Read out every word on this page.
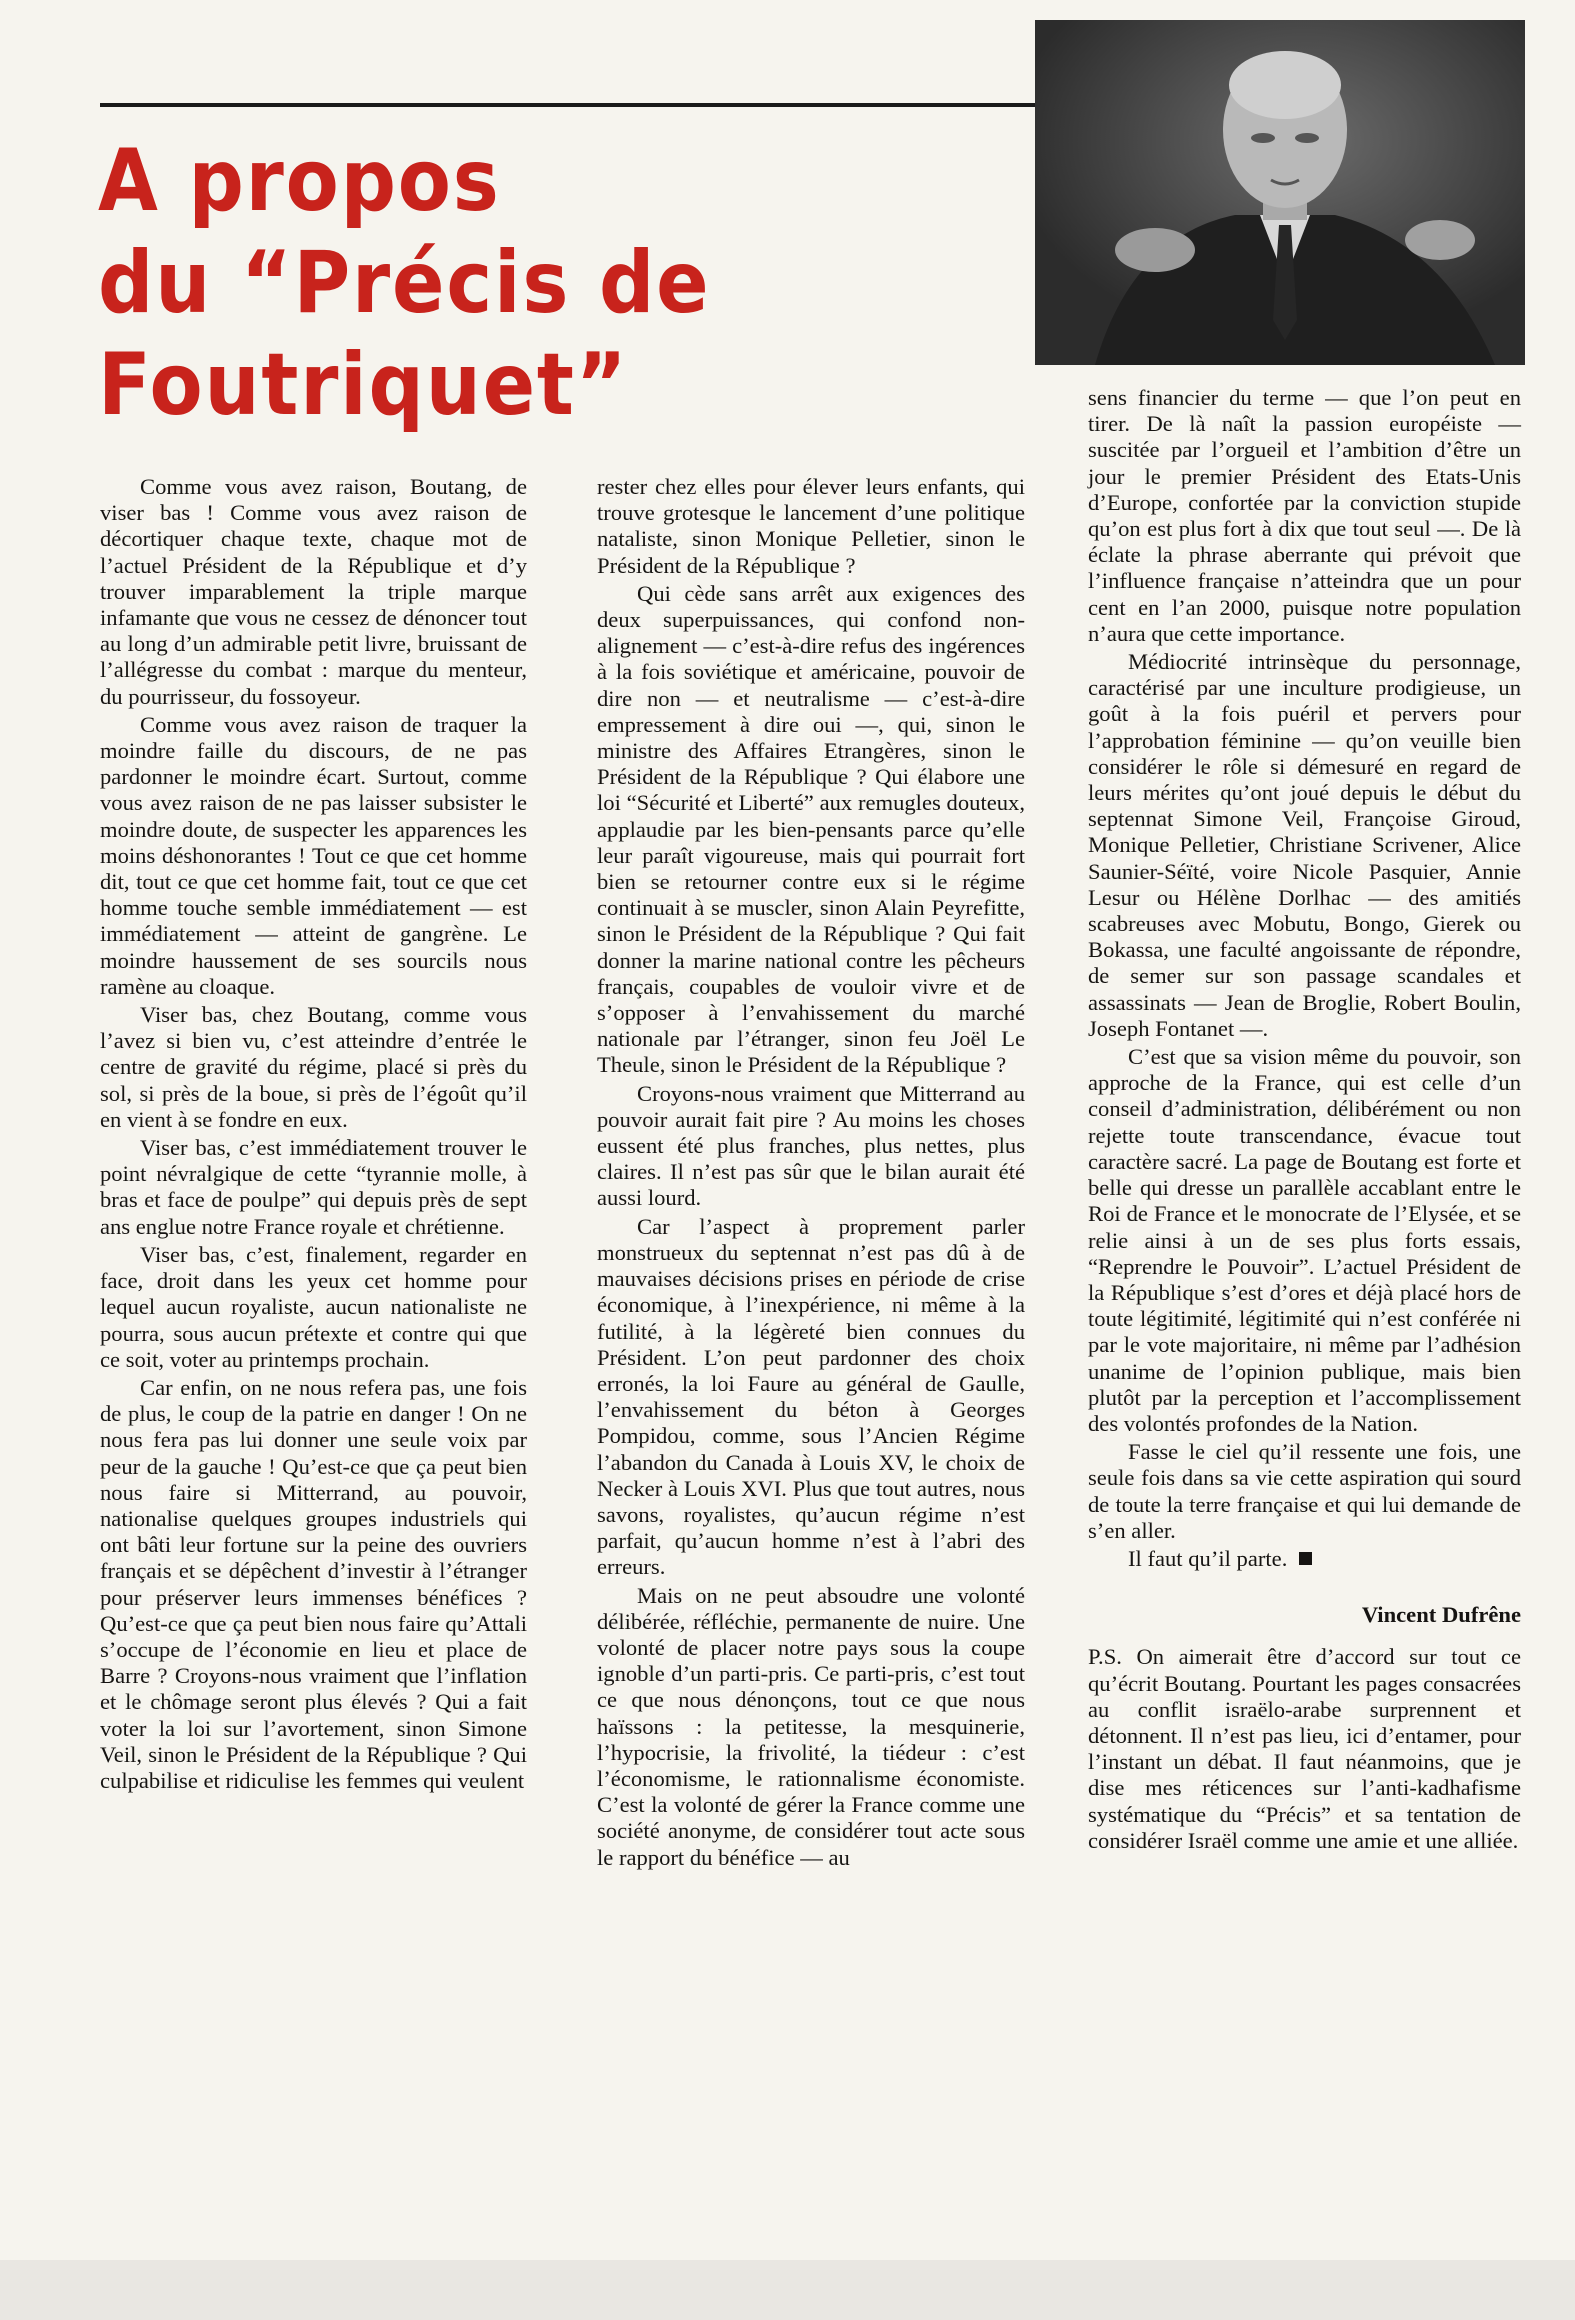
A propos
du “Précis de
Foutriquet”

Comme vous avez raison, Boutang, de viser bas ! Comme vous avez raison de décortiquer chaque texte, chaque mot de l’actuel Président de la République et d’y trouver imparablement la triple marque infamante que vous ne cessez de dénoncer tout au long d’un admirable petit livre, bruissant de l’allégresse du combat : marque du menteur, du pourrisseur, du fossoyeur.

Comme vous avez raison de traquer la moindre faille du discours, de ne pas pardonner le moindre écart. Surtout, comme vous avez raison de ne pas laisser subsister le moindre doute, de suspecter les apparences les moins déshonorantes ! Tout ce que cet homme dit, tout ce que cet homme fait, tout ce que cet homme touche semble immédiatement — est immédiatement — atteint de gangrène. Le moindre haussement de ses sourcils nous ramène au cloaque.

Viser bas, chez Boutang, comme vous l’avez si bien vu, c’est atteindre d’entrée le centre de gravité du régime, placé si près du sol, si près de la boue, si près de l’égoût qu’il en vient à se fondre en eux.

Viser bas, c’est immédiatement trouver le point névralgique de cette “tyrannie molle, à bras et face de poulpe” qui depuis près de sept ans englue notre France royale et chrétienne.

Viser bas, c’est, finalement, regarder en face, droit dans les yeux cet homme pour lequel aucun royaliste, aucun nationaliste ne pourra, sous aucun prétexte et contre qui que ce soit, voter au printemps prochain.

Car enfin, on ne nous refera pas, une fois de plus, le coup de la patrie en danger ! On ne nous fera pas lui donner une seule voix par peur de la gauche ! Qu’est-ce que ça peut bien nous faire si Mitterrand, au pouvoir, nationalise quelques groupes industriels qui ont bâti leur fortune sur la peine des ouvriers français et se dépêchent d’investir à l’étranger pour préserver leurs immenses bénéfices ? Qu’est-ce que ça peut bien nous faire qu’Attali s’occupe de l’économie en lieu et place de Barre ? Croyons-nous vraiment que l’inflation et le chômage seront plus élevés ? Qui a fait voter la loi sur l’avortement, sinon Simone Veil, sinon le Président de la République ? Qui culpabilise et ridiculise les femmes qui veulent

rester chez elles pour élever leurs enfants, qui trouve grotesque le lancement d’une politique nataliste, sinon Monique Pelletier, sinon le Président de la République ?

Qui cède sans arrêt aux exigences des deux superpuissances, qui confond non-alignement — c’est-à-dire refus des ingérences à la fois soviétique et américaine, pouvoir de dire non — et neutralisme — c’est-à-dire empressement à dire oui —, qui, sinon le ministre des Affaires Etrangères, sinon le Président de la République ? Qui élabore une loi “Sécurité et Liberté” aux remugles douteux, applaudie par les bien-pensants parce qu’elle leur paraît vigoureuse, mais qui pourrait fort bien se retourner contre eux si le régime continuait à se muscler, sinon Alain Peyrefitte, sinon le Président de la République ? Qui fait donner la marine national contre les pêcheurs français, coupables de vouloir vivre et de s’opposer à l’envahissement du marché nationale par l’étranger, sinon feu Joël Le Theule, sinon le Président de la République ?

Croyons-nous vraiment que Mitterrand au pouvoir aurait fait pire ? Au moins les choses eussent été plus franches, plus nettes, plus claires. Il n’est pas sûr que le bilan aurait été aussi lourd.

Car l’aspect à proprement parler monstrueux du septennat n’est pas dû à de mauvaises décisions prises en période de crise économique, à l’inexpérience, ni même à la futilité, à la légèreté bien connues du Président. L’on peut pardonner des choix erronés, la loi Faure au général de Gaulle, l’envahissement du béton à Georges Pompidou, comme, sous l’Ancien Régime l’abandon du Canada à Louis XV, le choix de Necker à Louis XVI. Plus que tout autres, nous savons, royalistes, qu’aucun régime n’est parfait, qu’aucun homme n’est à l’abri des erreurs.

Mais on ne peut absoudre une volonté délibérée, réfléchie, permanente de nuire. Une volonté de placer notre pays sous la coupe ignoble d’un parti-pris. Ce parti-pris, c’est tout ce que nous dénonçons, tout ce que nous haïssons : la petitesse, la mesquinerie, l’hypocrisie, la frivolité, la tiédeur : c’est l’économisme, le rationnalisme économiste. C’est la volonté de gérer la France comme une société anonyme, de considérer tout acte sous le rapport du bénéfice — au

sens financier du terme — que l’on peut en tirer. De là naît la passion européiste — suscitée par l’orgueil et l’ambition d’être un jour le premier Président des Etats-Unis d’Europe, confortée par la conviction stupide qu’on est plus fort à dix que tout seul —. De là éclate la phrase aberrante qui prévoit que l’influence française n’atteindra que un pour cent en l’an 2000, puisque notre population n’aura que cette importance.

Médiocrité intrinsèque du personnage, caractérisé par une inculture prodigieuse, un goût à la fois puéril et pervers pour l’approbation féminine — qu’on veuille bien considérer le rôle si démesuré en regard de leurs mérites qu’ont joué depuis le début du septennat Simone Veil, Françoise Giroud, Monique Pelletier, Christiane Scrivener, Alice Saunier-Séïté, voire Nicole Pasquier, Annie Lesur ou Hélène Dorlhac — des amitiés scabreuses avec Mobutu, Bongo, Gierek ou Bokassa, une faculté angoissante de répondre, de semer sur son passage scandales et assassinats — Jean de Broglie, Robert Boulin, Joseph Fontanet —.

C’est que sa vision même du pouvoir, son approche de la France, qui est celle d’un conseil d’administration, délibérément ou non rejette toute transcendance, évacue tout caractère sacré. La page de Boutang est forte et belle qui dresse un parallèle accablant entre le Roi de France et le monocrate de l’Elysée, et se relie ainsi à un de ses plus forts essais, “Reprendre le Pouvoir”. L’actuel Président de la République s’est d’ores et déjà placé hors de toute légitimité, légitimité qui n’est conférée ni par le vote majoritaire, ni même par l’adhésion unanime de l’opinion publique, mais bien plutôt par la perception et l’accomplissement des volontés profondes de la Nation.

Fasse le ciel qu’il ressente une fois, une seule fois dans sa vie cette aspiration qui sourd de toute la terre française et qui lui demande de s’en aller.

Il faut qu’il parte.

Vincent Dufrêne

P.S. On aimerait être d’accord sur tout ce qu’écrit Boutang. Pourtant les pages consacrées au conflit israëlo-arabe surprennent et détonnent. Il n’est pas lieu, ici d’entamer, pour l’instant un débat. Il faut néanmoins, que je dise mes réticences sur l’anti-kadhafisme systématique du “Précis” et sa tentation de considérer Israël comme une amie et une alliée.
